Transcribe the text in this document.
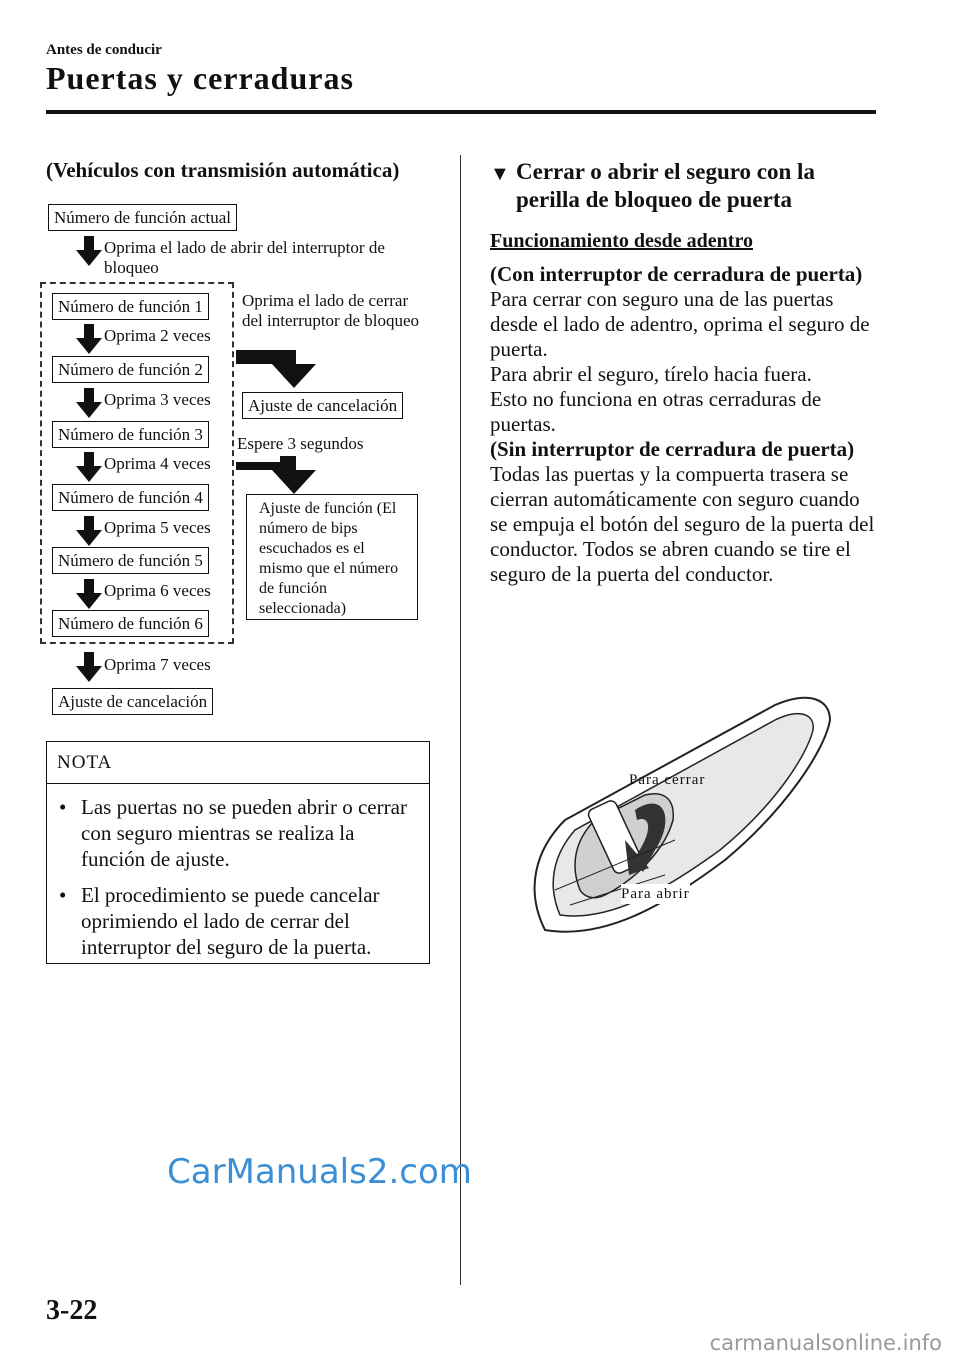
Antes de conducir
Puertas y cerraduras
(Vehículos con transmisión automática)
Número de función actual
Oprima el lado de abrir del interruptor de bloqueo
Número de función 1
Oprima 2 veces
Número de función 2
Oprima 3 veces
Número de función 3
Oprima 4 veces
Número de función 4
Oprima 5 veces
Número de función 5
Oprima 6 veces
Número de función 6
Oprima 7 veces
Ajuste de cancelación
Oprima el lado de cerrar del interruptor de bloqueo
Ajuste de cancelación
Espere 3 segundos
Ajuste de función (El número de bips escuchados es el mismo que el número de función seleccionada)
NOTA
• Las puertas no se pueden abrir o cerrar con seguro mientras se realiza la función de ajuste.
• El procedimiento se puede cancelar oprimiendo el lado de cerrar del interruptor del seguro de la puerta.
▼ Cerrar o abrir el seguro con la perilla de bloqueo de puerta
Funcionamiento desde adentro

(Con interruptor de cerradura de puerta)

Para cerrar con seguro una de las puertas desde el lado de adentro, oprima el seguro de puerta.

Para abrir el seguro, tírelo hacia fuera.

Esto no funciona en otras cerraduras de puertas.

(Sin interruptor de cerradura de puerta)

Todas las puertas y la compuerta trasera se cierran automáticamente con seguro cuando se empuja el botón del seguro de la puerta del conductor. Todos se abren cuando se tire el seguro de la puerta del conductor.

Para cerrar
Para abrir
CarManuals2.com
3-22
carmanualsonline.info
